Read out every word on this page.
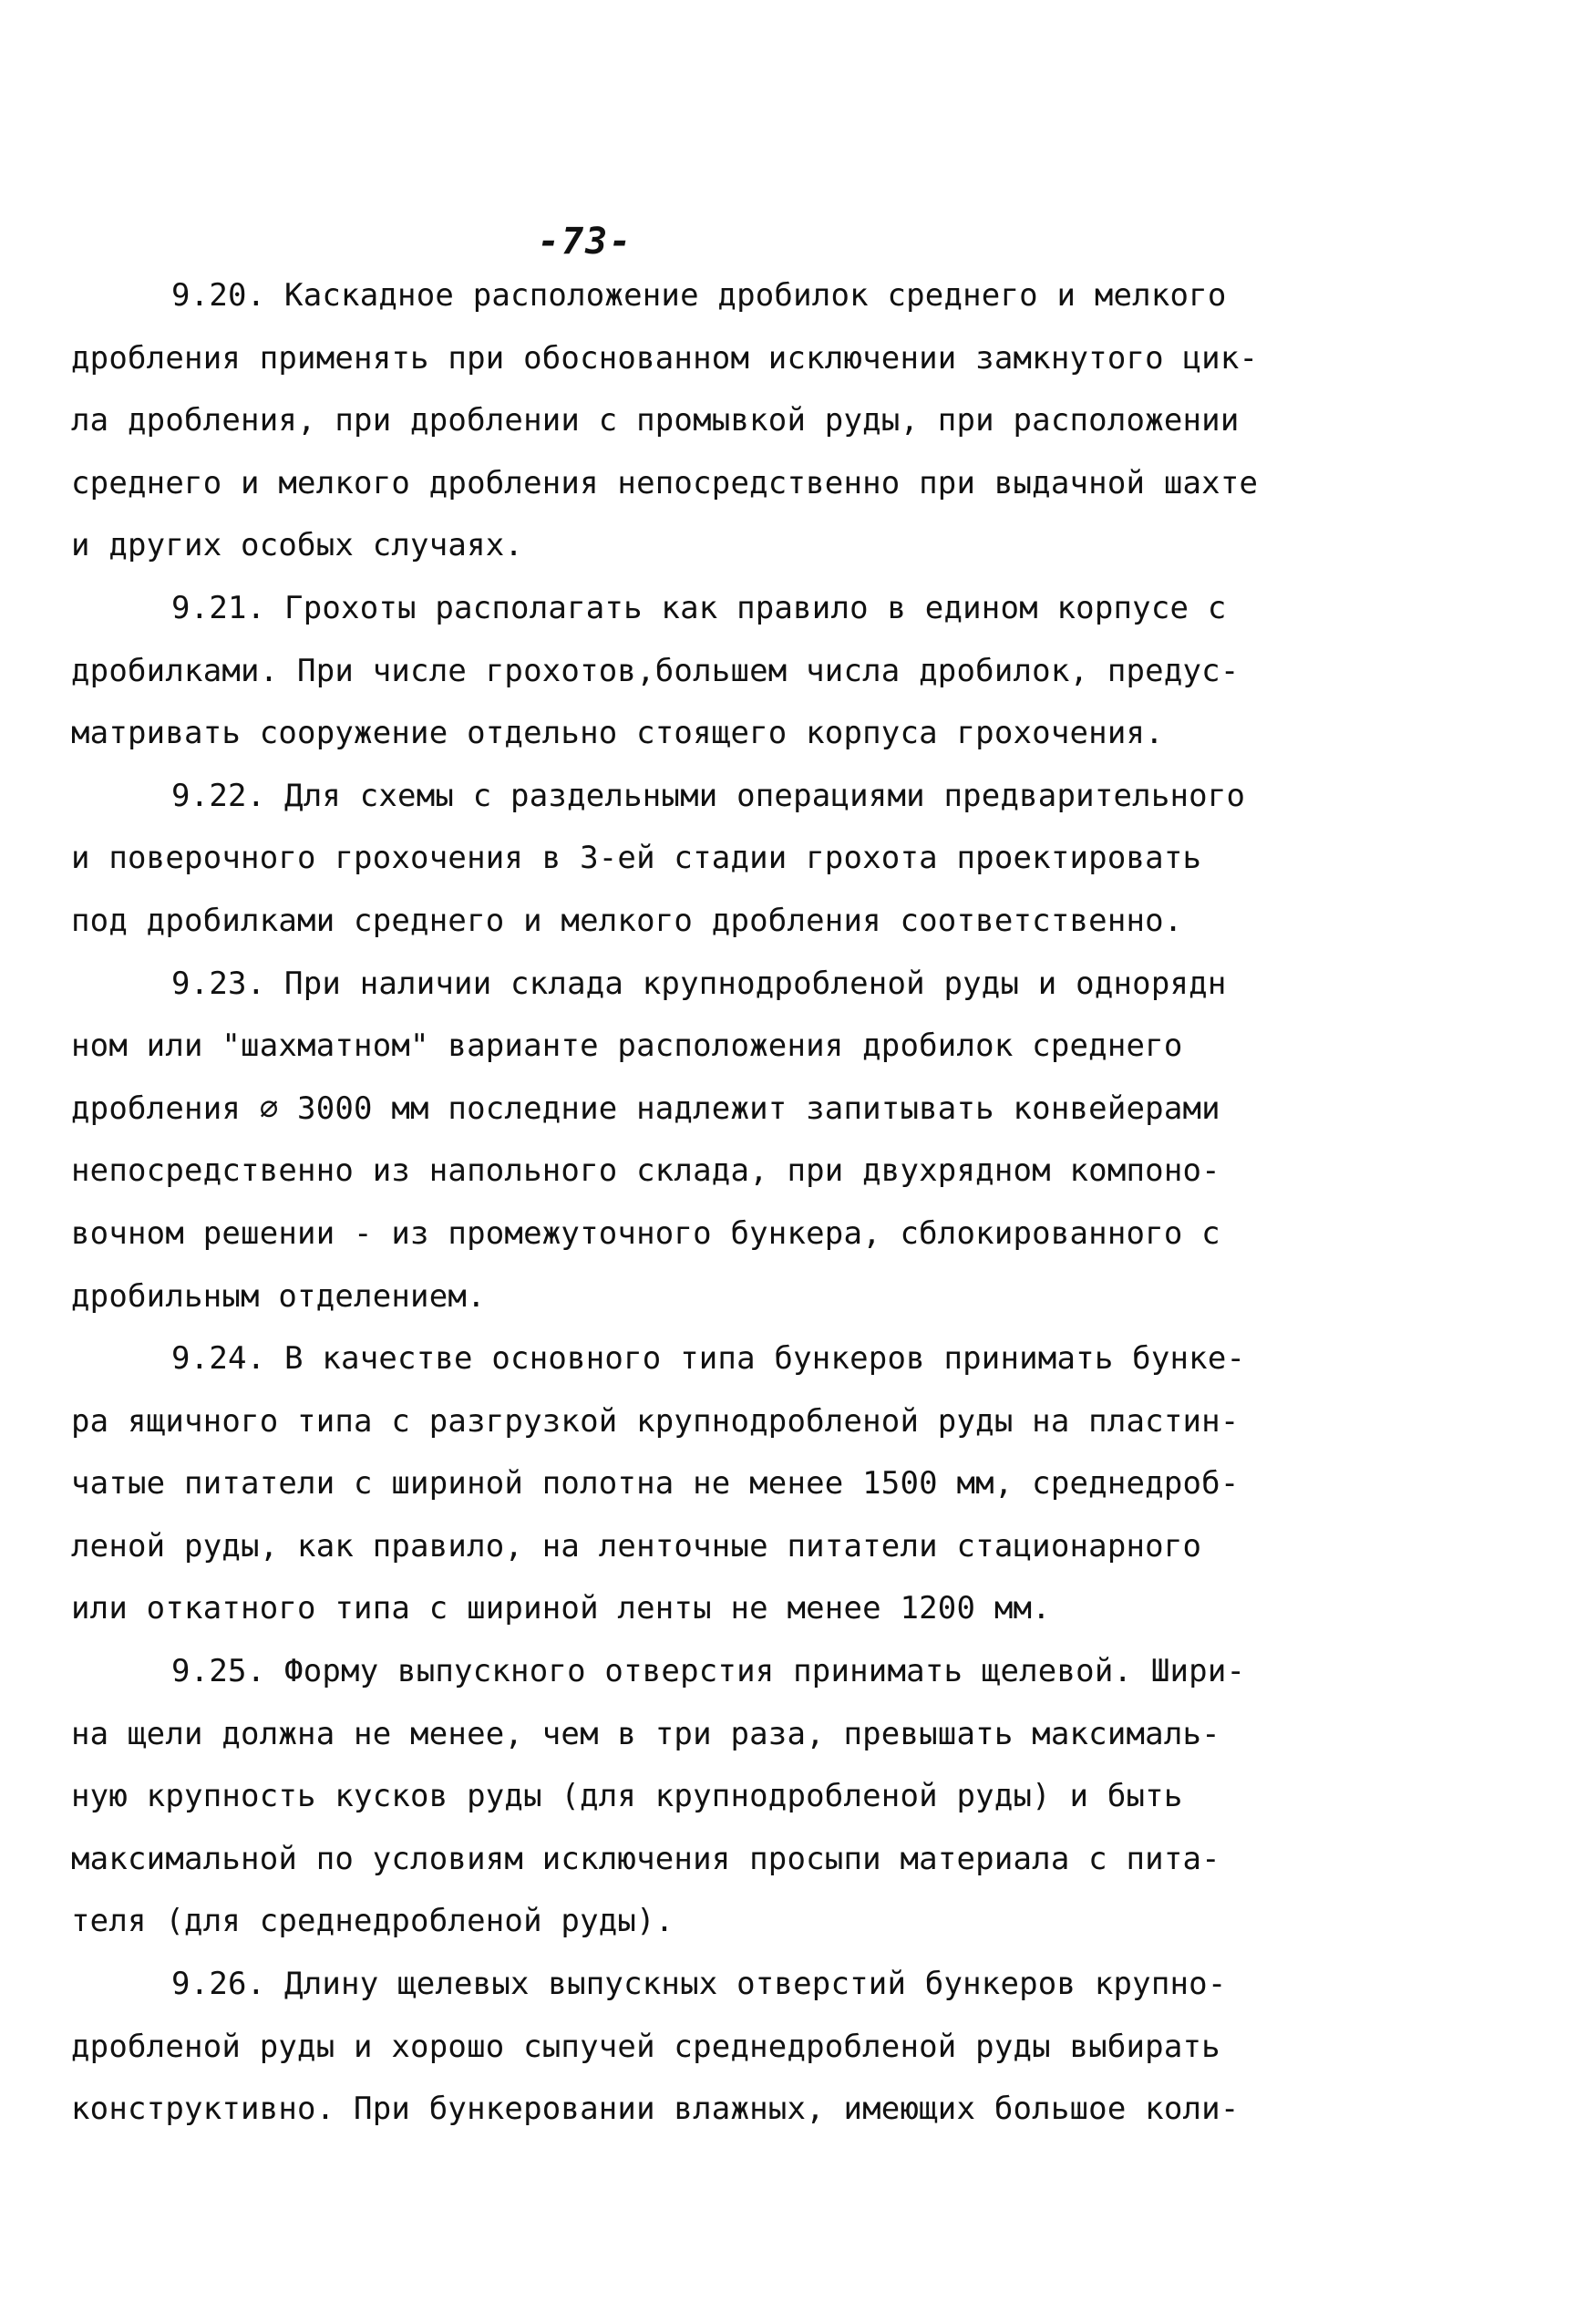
-73-
9.20. Каскадное расположение дробилок среднего и мелкого
дробления применять при обоснованном исключении замкнутого цик-
ла дробления, при дроблении с промывкой руды, при расположении
среднего и мелкого дробления непосредственно при выдачной шахте
и других особых случаях.
9.21. Грохоты располагать как правило в едином корпусе с
дробилками. При числе грохотов,большем числа дробилок, предус-
матривать сооружение отдельно стоящего корпуса грохочения.
9.22. Для схемы с раздельными операциями предварительного
и поверочного грохочения в 3-ей стадии грохота проектировать
под дробилками среднего и мелкого дробления соответственно.
9.23. При наличии склада крупнодробленой руды и однорядн
ном или "шахматном" варианте расположения дробилок среднего
дробления ∅ 3000 мм последние надлежит запитывать конвейерами
непосредственно из напольного склада, при двухрядном компоно-
вочном решении - из промежуточного бункера, сблокированного с
дробильным отделением.
9.24. В качестве основного типа бункеров принимать бунке-
ра ящичного типа с разгрузкой крупнодробленой руды на пластин-
чатые питатели с шириной полотна не менее 1500 мм, среднедроб-
леной руды, как правило, на ленточные питатели стационарного
или откатного типа с шириной ленты не менее 1200 мм.
9.25. Форму выпускного отверстия принимать щелевой. Шири-
на щели должна не менее, чем в три раза, превышать максималь-
ную крупность кусков руды (для крупнодробленой руды) и быть
максимальной по условиям исключения просыпи материала с пита-
теля (для среднедробленой руды).
9.26. Длину щелевых выпускных отверстий бункеров крупно-
дробленой руды и хорошо сыпучей среднедробленой руды выбирать
конструктивно. При бункеровании влажных, имеющих большое коли-
